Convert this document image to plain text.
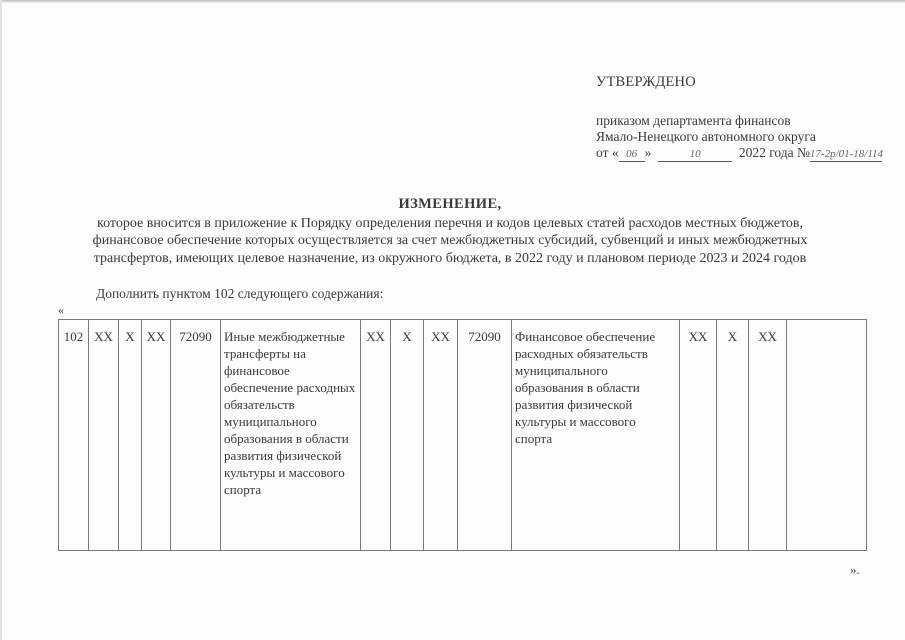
УТВЕРЖДЕНО
приказом департамента финансов
Ямало-Ненецкого автономного округа
от « 06 »	10	2022 года №17-2р/01-18/114
ИЗМЕНЕНИЕ,
которое вносится в приложение к Порядку определения перечня и кодов целевых статей расходов местных бюджетов,
финансовое обеспечение которых осуществляется за счет межбюджетных субсидий, субвенций и иных межбюджетных
трансфертов, имеющих целевое назначение, из окружного бюджета, в 2022 году и плановом периоде 2023 и 2024 годов
Дополнить пунктом 102 следующего содержания:
«
102	ХХ	Х	ХХ	72090	Иные межбюджетные трансферты на финансовое обеспечение расходных обязательств муниципального образования в области развития физической культуры и массового спорта	ХХ	Х	ХХ	72090	Финансовое обеспечение расходных обязательств муниципального образования в области развития физической культуры и массового спорта	ХХ	Х	ХХ	
».
